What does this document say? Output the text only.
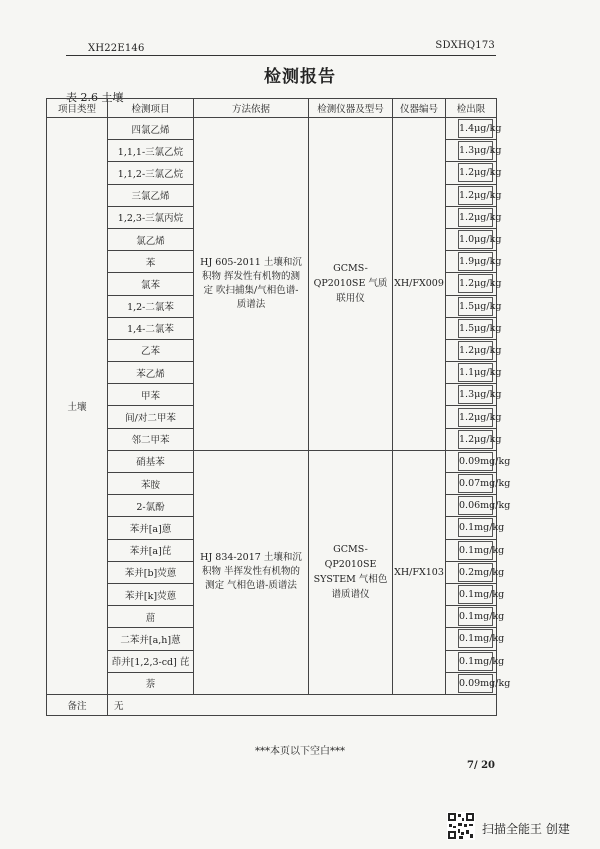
XH22E146	SDXHQ173
检测报告
表 2.6 土壤
项目类型	检测项目	方法依据	检测仪器及型号	仪器编号	检出限
土壤	四氯乙烯	HJ 605-2011 土壤和沉积物 挥发性有机物的测定 吹扫捕集/气相色谱-质谱法	GCMS-QP2010SE 气质联用仪	XH/FX009	1.4μg/kg

	1,1,1-三氯乙烷				1.3μg/kg

	1,1,2-三氯乙烷				1.2μg/kg

	三氯乙烯				1.2μg/kg

	1,2,3-三氯丙烷				1.2μg/kg

	氯乙烯				1.0μg/kg

	苯				1.9μg/kg

	氯苯				1.2μg/kg

	1,2-二氯苯				1.5μg/kg

	1,4-二氯苯				1.5μg/kg

	乙苯				1.2μg/kg

	苯乙烯				1.1μg/kg

	甲苯				1.3μg/kg

	间/对二甲苯				1.2μg/kg

	邻二甲苯				1.2μg/kg

	硝基苯	HJ 834-2017 土壤和沉积物 半挥发性有机物的测定 气相色谱-质谱法	GCMS-QP2010SE SYSTEM 气相色谱质谱仪	XH/FX103	0.09mg/kg

	苯胺				0.07mg/kg

	2-氯酚				0.06mg/kg

	苯并[a]蒽				0.1mg/kg

	苯并[a]芘				0.1mg/kg

	苯并[b]荧蒽				0.2mg/kg

	苯并[k]荧蒽				0.1mg/kg

	䓛				0.1mg/kg

	二苯并[a,h]蒽				0.1mg/kg

	茚并[1,2,3-cd] 芘				0.1mg/kg

	萘				0.09mg/kg

备注	无				
***本页以下空白***
7/ 20
扫描全能王 创建
